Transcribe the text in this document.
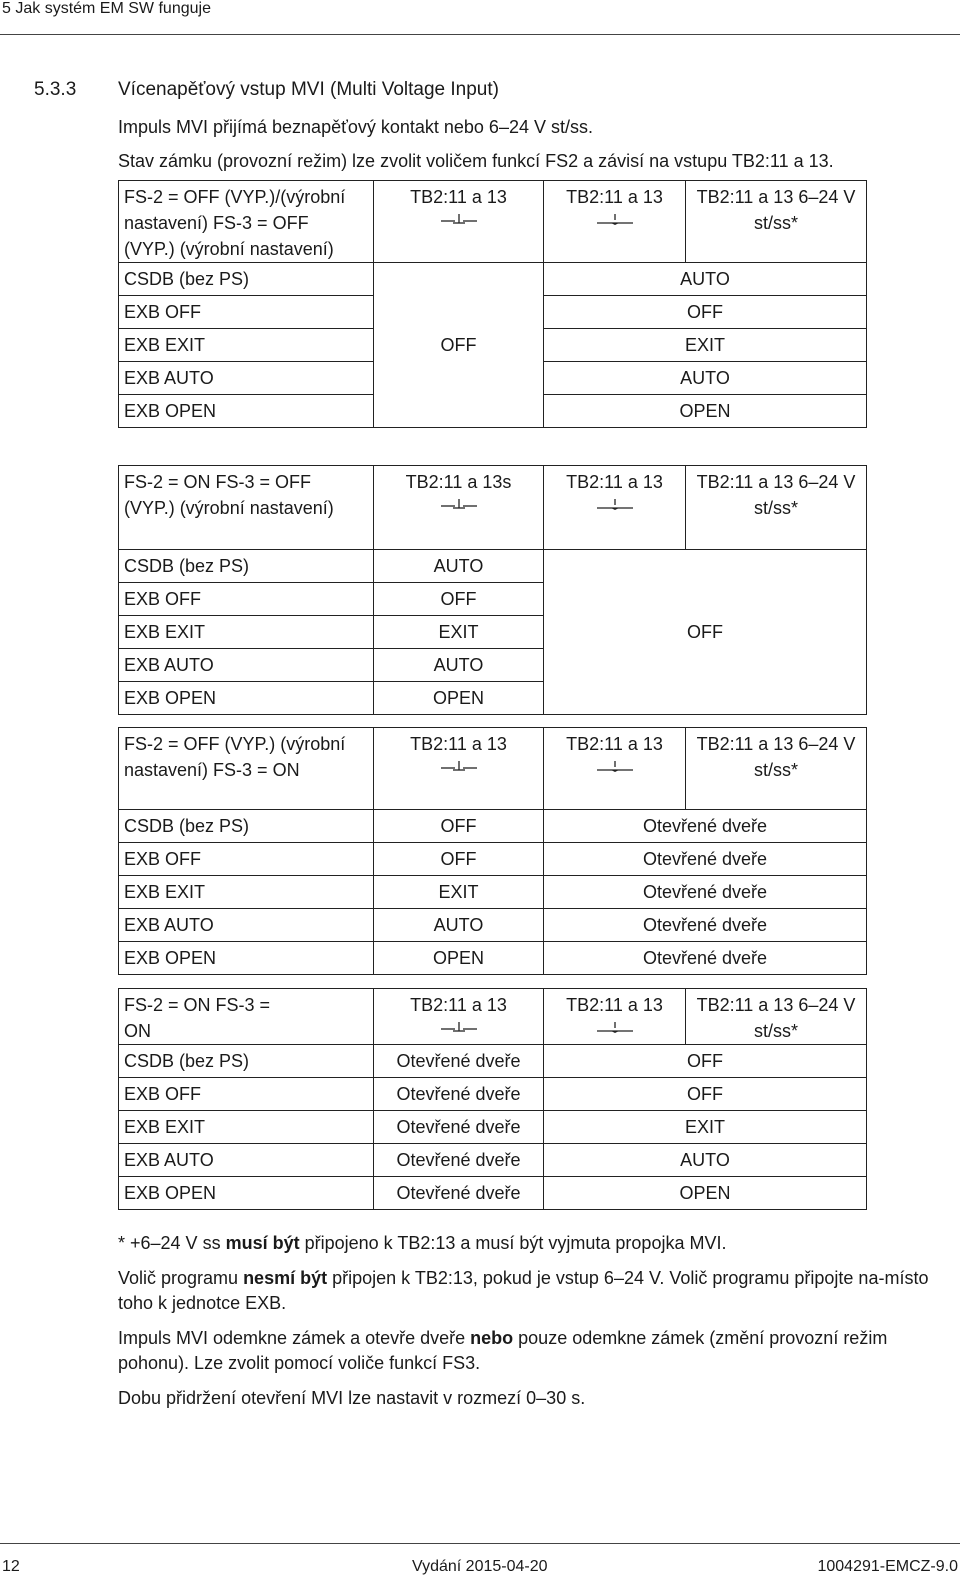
5 Jak systém EM SW funguje
5.3.3 Vícenapěťový vstup MVI (Multi Voltage Input)
Impuls MVI přijímá beznapěťový kontakt nebo 6–24 V st/ss.
Stav zámku (provozní režim) lze zvolit voličem funkcí FS2 a závisí na vstupu TB2:11 a 13.
FS-2 = OFF (VYP.)/(výrobní nastavení) FS-3 = OFF (VYP.) (výrobní nastavení)	TB2:11 a 13	TB2:11 a 13	TB2:11 a 13 6–24 V st/ss*
CSDB (bez PS)	OFF	AUTO	
EXB OFF		OFF	
EXB EXIT		EXIT	
EXB AUTO		AUTO	
EXB OPEN		OPEN	
FS-2 = ON FS-3 = OFF (VYP.) (výrobní nastavení)	TB2:11 a 13s	TB2:11 a 13	TB2:11 a 13 6–24 V st/ss*
CSDB (bez PS)	AUTO	OFF	
EXB OFF	OFF		
EXB EXIT	EXIT		
EXB AUTO	AUTO		
EXB OPEN	OPEN		
FS-2 = OFF (VYP.) (výrobní nastavení) FS-3 = ON	TB2:11 a 13	TB2:11 a 13	TB2:11 a 13 6–24 V st/ss*
CSDB (bez PS)	OFF	Otevřené dveře	
EXB OFF	OFF	Otevřené dveře	
EXB EXIT	EXIT	Otevřené dveře	
EXB AUTO	AUTO	Otevřené dveře	
EXB OPEN	OPEN	Otevřené dveře	
FS-2 = ON FS-3 = ON	TB2:11 a 13	TB2:11 a 13	TB2:11 a 13 6–24 V st/ss*
CSDB (bez PS)	Otevřené dveře	OFF	
EXB OFF	Otevřené dveře	OFF	
EXB EXIT	Otevřené dveře	EXIT	
EXB AUTO	Otevřené dveře	AUTO	
EXB OPEN	Otevřené dveře	OPEN	

* +6–24 V ss musí být připojeno k TB2:13 a musí být vyjmuta propojka MVI.

Volič programu nesmí být připojen k TB2:13, pokud je vstup 6–24 V. Volič programu připojte na-místo toho k jednotce EXB.

Impuls MVI odemkne zámek a otevře dveře nebo pouze odemkne zámek (změní provozní režim pohonu). Lze zvolit pomocí voliče funkcí FS3.

Dobu přidržení otevření MVI lze nastavit v rozmezí 0–30 s.

12	Vydání 2015-04-20	1004291-EMCZ-9.0
